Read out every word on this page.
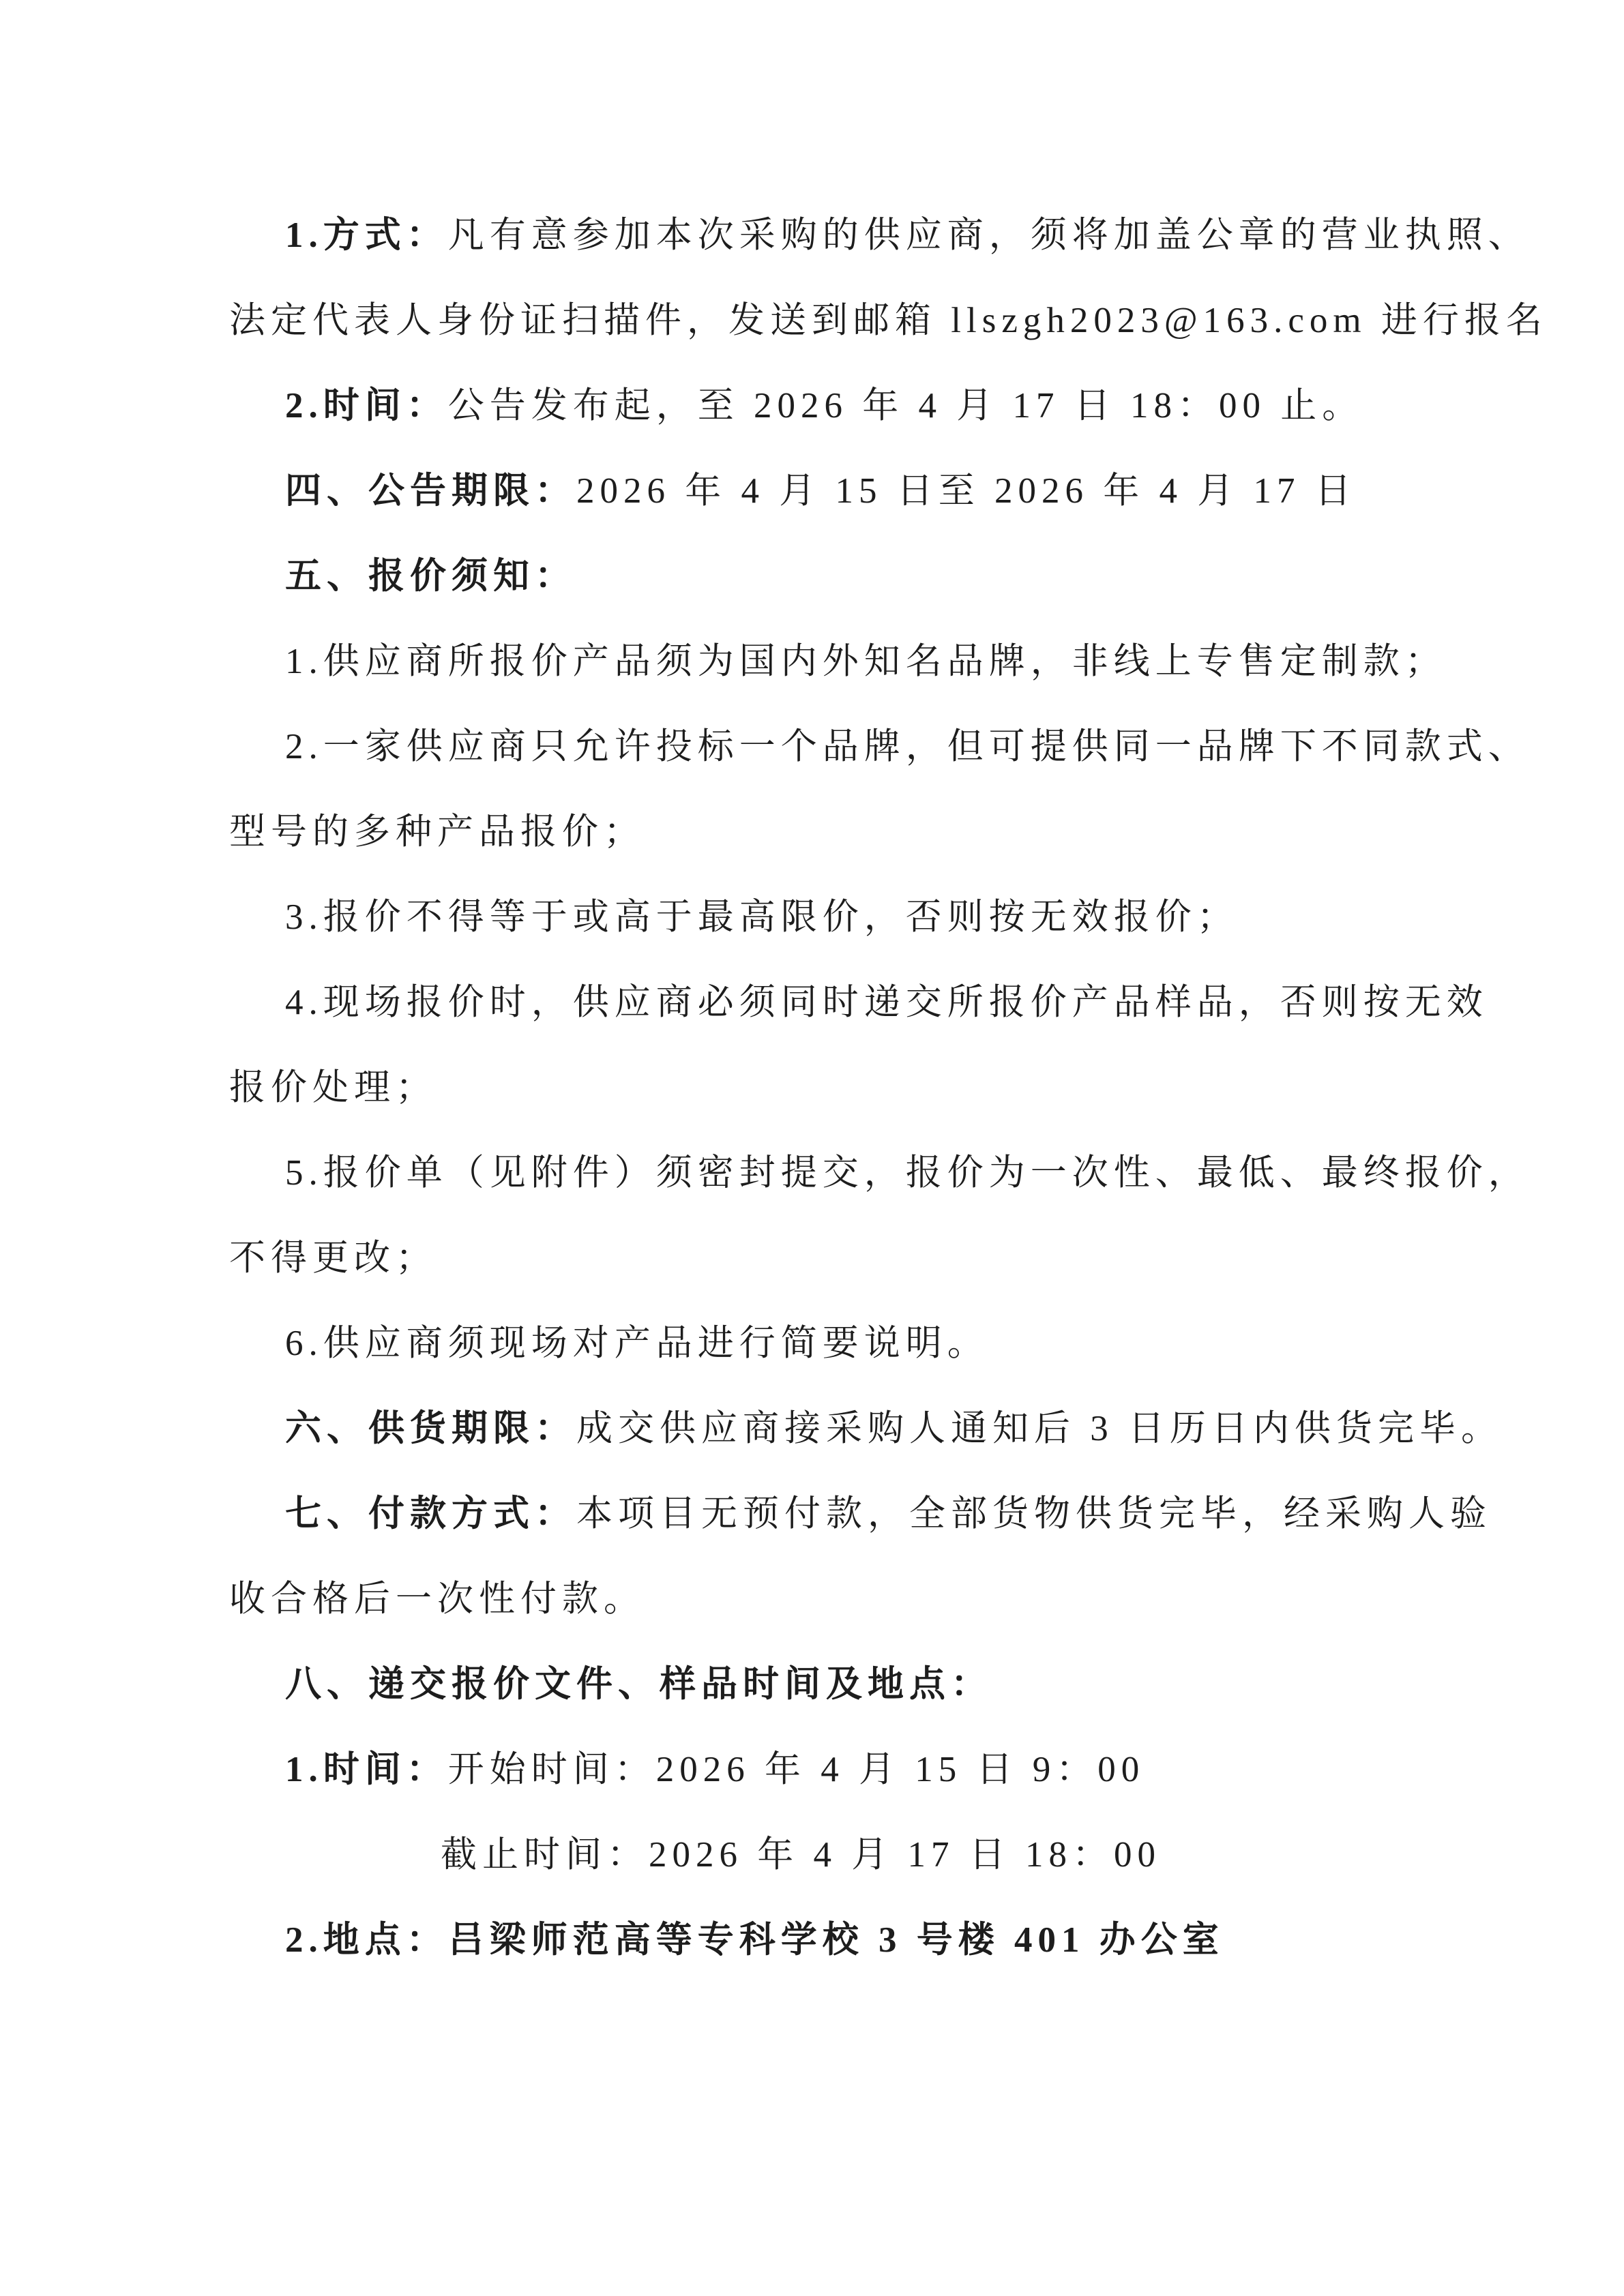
1.方式：凡有意参加本次采购的供应商，须将加盖公章的营业执照、
法定代表人身份证扫描件，发送到邮箱 llszgh2023@163.com 进行报名
2.时间：公告发布起，至 2026 年 4 月 17 日 18：00 止。
四、公告期限：2026 年 4 月 15 日至 2026 年 4 月 17 日
五、报价须知：
1.供应商所报价产品须为国内外知名品牌，非线上专售定制款；
2.一家供应商只允许投标一个品牌，但可提供同一品牌下不同款式、
型号的多种产品报价；
3.报价不得等于或高于最高限价，否则按无效报价；
4.现场报价时，供应商必须同时递交所报价产品样品，否则按无效
报价处理；
5.报价单（见附件）须密封提交，报价为一次性、最低、最终报价，
不得更改；
6.供应商须现场对产品进行简要说明。
六、供货期限：成交供应商接采购人通知后 3 日历日内供货完毕。
七、付款方式：本项目无预付款，全部货物供货完毕，经采购人验
收合格后一次性付款。
八、递交报价文件、样品时间及地点：
1.时间：开始时间：2026 年 4 月 15 日 9：00
截止时间：2026 年 4 月 17 日 18：00
2.地点：吕梁师范高等专科学校 3 号楼 401 办公室
